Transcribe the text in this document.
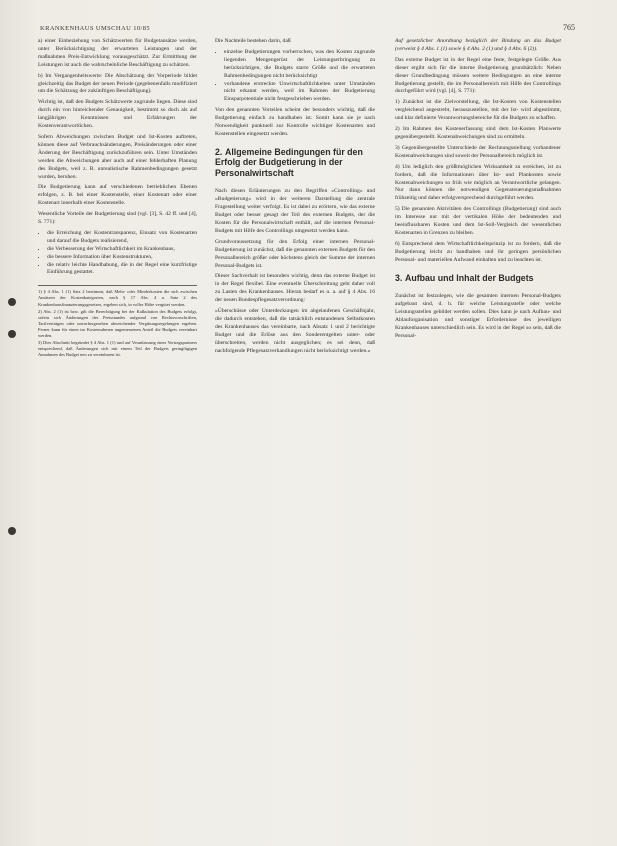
KRANKENHAUS UMSCHAU 10/85	765

a) einer Einbeziehung von Schätzwerten für Budgetansätze werden, unter Berücksichtigung der erwarteten Leistungen und der maßnahmen Preis-Entwicklung vorausgeschätzt. Zur Ermittlung der Leistungen ist auch die wahrscheinliche Beschäftigung zu schätzen.

b) Im Vergangenheitswerte: Die Abschätzung der Vorperiode bildet gleichzeitig das Budget der neuen Periode (gegebenenfalls modifiziert um die Schätzung der zukünftigen Beschäftigung).

Wichtig ist, daß den Budgets Schätzwerte zugrunde liegen. Diese sind durch ein von hinreichender Genauigkeit, bestimmt so doch als auf langjährigen Kenntnissen und Erfahrungen der Kostenverantwortlichen.

Sofern Abweichungen zwischen Budget und Ist-Kosten auftreten, können diese auf Verbrauchsänderungen, Preisänderungen oder einer Änderung der Beschäftigung zurückzuführen sein. Unter Umständen werden die Abweichungen aber auch auf einer fehlerhaften Planung des Budgets, weil z. B. unrealistische Rahmenbedingungen gesetzt wurden, beruhen.

Die Budgetierung kann auf verschiedenen betrieblichen Ebenen erfolgen, z. B. bei einer Kostenstelle, einer Kostenart oder einer Kostenart innerhalb einer Kostenstelle.

Wesentliche Vorteile der Budgetierung sind (vgl. [3], S. 42 ff. und [4], S. 771):

• die Erreichung der Kostentransparenz, Einsatz von Kostenarten und darauf die Budgets realisierend,
• die Verbesserung der Wirtschaftlichkeit im Krankenhaus,
• die bessere Information über Kostenstrukturen,
• die relativ leichte Handhabung, die in der Regel eine kurzfristige Einführung gestattet.

1) § 4 Abs. 1 (1) Satz 2 bestimmt, daß Mehr- oder Minderkosten die sich zwischen Ansätzen der Kostenkategorien, nach § 17 Abs. 4 u. Satz 2 des Krankenhausfinanzierungsgesetzes, ergeben sich, in voller Höhe vergütet werden.

2) Abs. 2 (1) ist bzw. gilt die Berechtigung bei der Kalkulation des Budgets erfolgt, sofern sich Änderungen des Preisstandes aufgrund von Rechtsvorschriften, Tarifverträgen oder unvorhergesehen abweichender Vergütungsregelungen ergeben. Ferner kann für einen im Kostenrahmen angemessenen Anteil die Budgets vereinbart werden.

3) Dies Abschnitt begründet § 4 Abs. 1 (1) und auf Veranlassung eines Vertragspartners entsprechend, daß Änderungen sich mit einem Teil der Budgets geringfügigen Annahmen des Budget neu zu vereinbaren ist.

Die Nachteile bestehen darin, daß

• einzelne Budgetierungen vorherrschen, was den Kosten zugrunde liegenden Mengengerüst der Leistungserbringung zu berücksichtigen, die Budgets starre Größe und die erwarteten Rahmenbedingungen nicht berücksichtigt
• vorhandene erstreckte Unwirtschaftlichkeiten unter Umständen nicht erkannt werden, weil im Rahmen der Budgetierung Einsparpotentiale nicht festgeschrieben werden.

Von den genannten Vorteilen scheint der besonders wichtig, daß die Budgetierung einfach zu handhaben ist. Somit kann sie je nach Notwendigkeit punktuell zur Kontrolle wichtiger Kostenarten und Kostenstellen eingesetzt werden.

2. Allgemeine Bedingungen für den Erfolg der Budgetierung in der Personalwirtschaft

Nach diesen Erläuterungen zu den Begriffen »Controlling« und »Budgetierung« wird in der weiteren Darstellung die zentrale Fragestellung weiter verfolgt. Es ist dabei zu erörtern, wie das externe Budget oder besser gesagt der Teil des externen Budgets, der die Kosten für die Personalwirtschaft enthält, auf die internen Personal-Budgets mit Hilfe des Controllings umgesetzt werden kann.

Grundvoraussetzung für den Erfolg einer internen Personal-Budgetierung ist zunächst, daß die genannten externen Budgets für den Personalbereich größer oder höchstens gleich der Summe der internen Personal-Budgets ist.

Dieser Sachverhalt ist besonders wichtig, denn das externe Budget ist in der Regel flexibel. Eine eventuelle Überschreitung geht daher voll zu Lasten des Krankenhauses. Hieran bedarf es u. a. auf § 4 Abs. 16 der neuen Bundespflegesatzverordnung:

»Überschüsse oder Unterdeckungen im abgelaufenen Geschäftsjahr, die dadurch entstehen, daß die tatsächlich entstandenen Selbstkosten des Krankenhauses das vereinbarte, nach Absatz 1 und 2 berichtigte Budget und die Erlöse aus den Sonderentgelten unter- oder überschreiten, werden nicht ausgeglichen; es sei denn, daß nachfolgende Pflegesatzverhandlungen nicht berücksichtigt werden.«

Auf gesetzlicher Anordnung bezüglich der Bindung an das Budget (verweist § 4 Abs. 1 (1) sowie § 4 Abs. 2 (1) und § 4 Abs. 6 (2)).

Das externe Budget ist in der Regel eine feste, festgelegte Größe. Aus dieser ergibt sich für die interne Budgetierung grundsätzlich: Neben dieser Grundbedingung müssen weitere Bedingungen an eine interne Budgetierung gestellt, die im Personalbereich mit Hilfe des Controllings durchgeführt wird (vgl. [4], S. 771):

1) Zunächst ist die Zielvorstellung, die Ist-Kosten von Kostenstellen vergleichend angestrebt, herauszustellen, mit der Ist- wird abgestimmt, und klar definierte Verantwortungsbereiche für die Budgets zu schaffen.
2) Im Rahmen des Kostenerfassung sind dem Ist-Kosten Planwerte gegenübergestellt. Kostenabweichungen sind zu ermitteln.
3) Gegenübergestellte Unterschiede der Rechnungsstellung vorhandener Kostenabweichungen sind soweit der Personalbereich möglich ist.
4) Um lediglich den größtmöglichen Wirksamkeit zu erreichen, ist zu fordern, daß die Informationen über Ist- und Plankosten sowie Kostenabweichungen so früh wie möglich an Verantwortliche gelangen. Nur dann können die notwendigen Gegensteuerungsmaßnahmen frühzeitig und daher erfolgversprechend durchgeführt werden.
5) Die genannten Aktivitäten des Controllings (Budgetierung) sind auch im Interesse nur mit der vertikalen Höhe der bedeutenden und beeinflussbaren Kosten und dem Ist-Soll-Vergleich der wesentlichen Kostenarten in Grenzen zu bleiben.
6) Entsprechend dem Wirtschaftlichkeitsprinzip ist zu fordern, daß die Budgetierung leicht zu handhaben und ihr geringen persönlichen Personal- und materiellen Aufwand einhalten und zu beachten ist.
3. Aufbau und Inhalt der Budgets

Zunächst ist festzulegen, wie die gesamten internen Personal-Budgets aufgebaut sind, d. h. für welche Leistungsstelle oder welche Leistungsstellen gebildet werden sollen. Dies kann je nach Aufbau- und Ablauforganisation und sonstiger Erfordernisse des jeweiligen Krankenhauses unterschiedlich sein. Es wird in der Regel so sein, daß die Personal-
